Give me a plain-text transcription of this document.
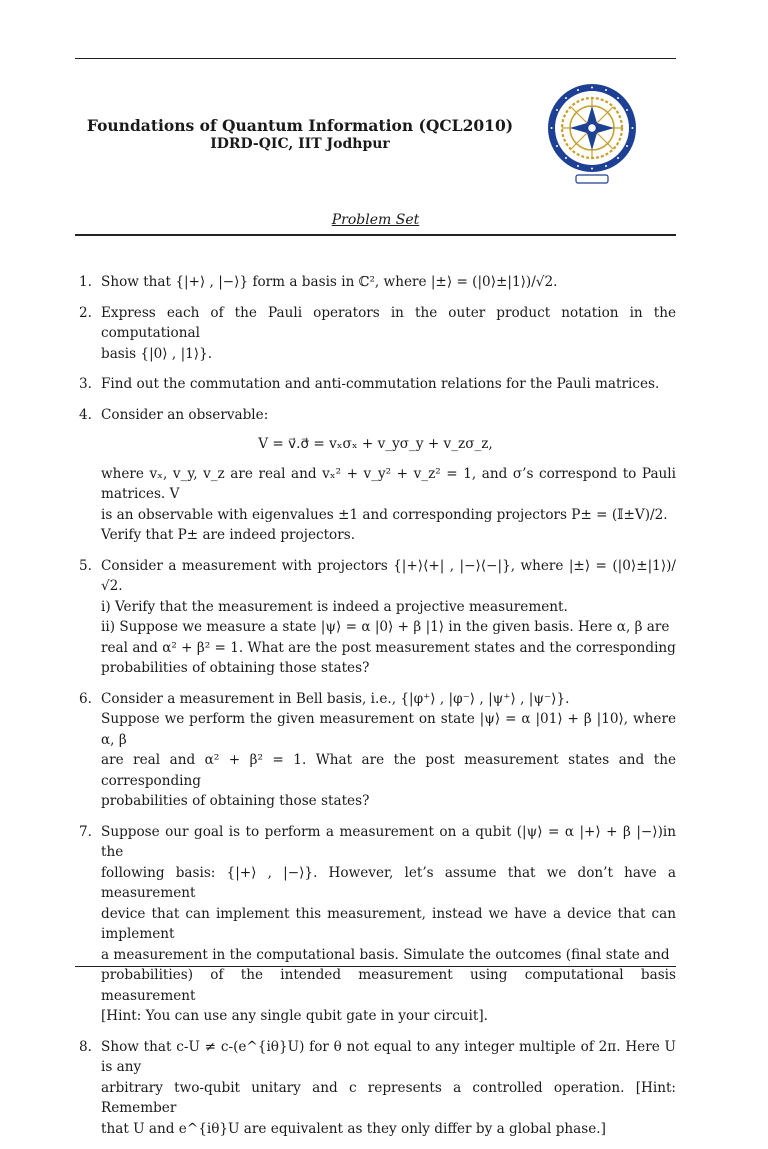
Foundations of Quantum Information (QCL2010)
IDRD-QIC, IIT Jodhpur
Problem Set
1. Show that {|+⟩ , |−⟩} form a basis in ℂ², where |±⟩ = (|0⟩±|1⟩)/√2.
2. Express each of the Pauli operators in the outer product notation in the computational
basis {|0⟩ , |1⟩}.
3. Find out the commutation and anti-commutation relations for the Pauli matrices.
4. Consider an observable:
V = v⃗.σ⃗ = vₓσₓ + v_yσ_y + v_zσ_z,
where vₓ, v_y, v_z are real and vₓ² + v_y² + v_z² = 1, and σ’s correspond to Pauli matrices. V
is an observable with eigenvalues ±1 and corresponding projectors P± = (𝕀±V)/2.
Verify that P± are indeed projectors.
5. Consider a measurement with projectors {|+⟩⟨+| , |−⟩⟨−|}, where |±⟩ = (|0⟩±|1⟩)/√2.
i) Verify that the measurement is indeed a projective measurement.
ii) Suppose we measure a state |ψ⟩ = α |0⟩ + β |1⟩ in the given basis. Here α, β are
real and α² + β² = 1. What are the post measurement states and the corresponding
probabilities of obtaining those states?
6. Consider a measurement in Bell basis, i.e., {|φ⁺⟩ , |φ⁻⟩ , |ψ⁺⟩ , |ψ⁻⟩}.
Suppose we perform the given measurement on state |ψ⟩ = α |01⟩ + β |10⟩, where α, β
are real and α² + β² = 1. What are the post measurement states and the corresponding
probabilities of obtaining those states?
7. Suppose our goal is to perform a measurement on a qubit (|ψ⟩ = α |+⟩ + β |−⟩)in the
following basis: {|+⟩ , |−⟩}. However, let’s assume that we don’t have a measurement
device that can implement this measurement, instead we have a device that can implement
a measurement in the computational basis. Simulate the outcomes (final state and
probabilities) of the intended measurement using computational basis measurement
[Hint: You can use any single qubit gate in your circuit].
8. Show that c-U ≠ c-(e^{iθ}U) for θ not equal to any integer multiple of 2π. Here U is any
arbitrary two-qubit unitary and c represents a controlled operation. [Hint: Remember
that U and e^{iθ}U are equivalent as they only differ by a global phase.]
